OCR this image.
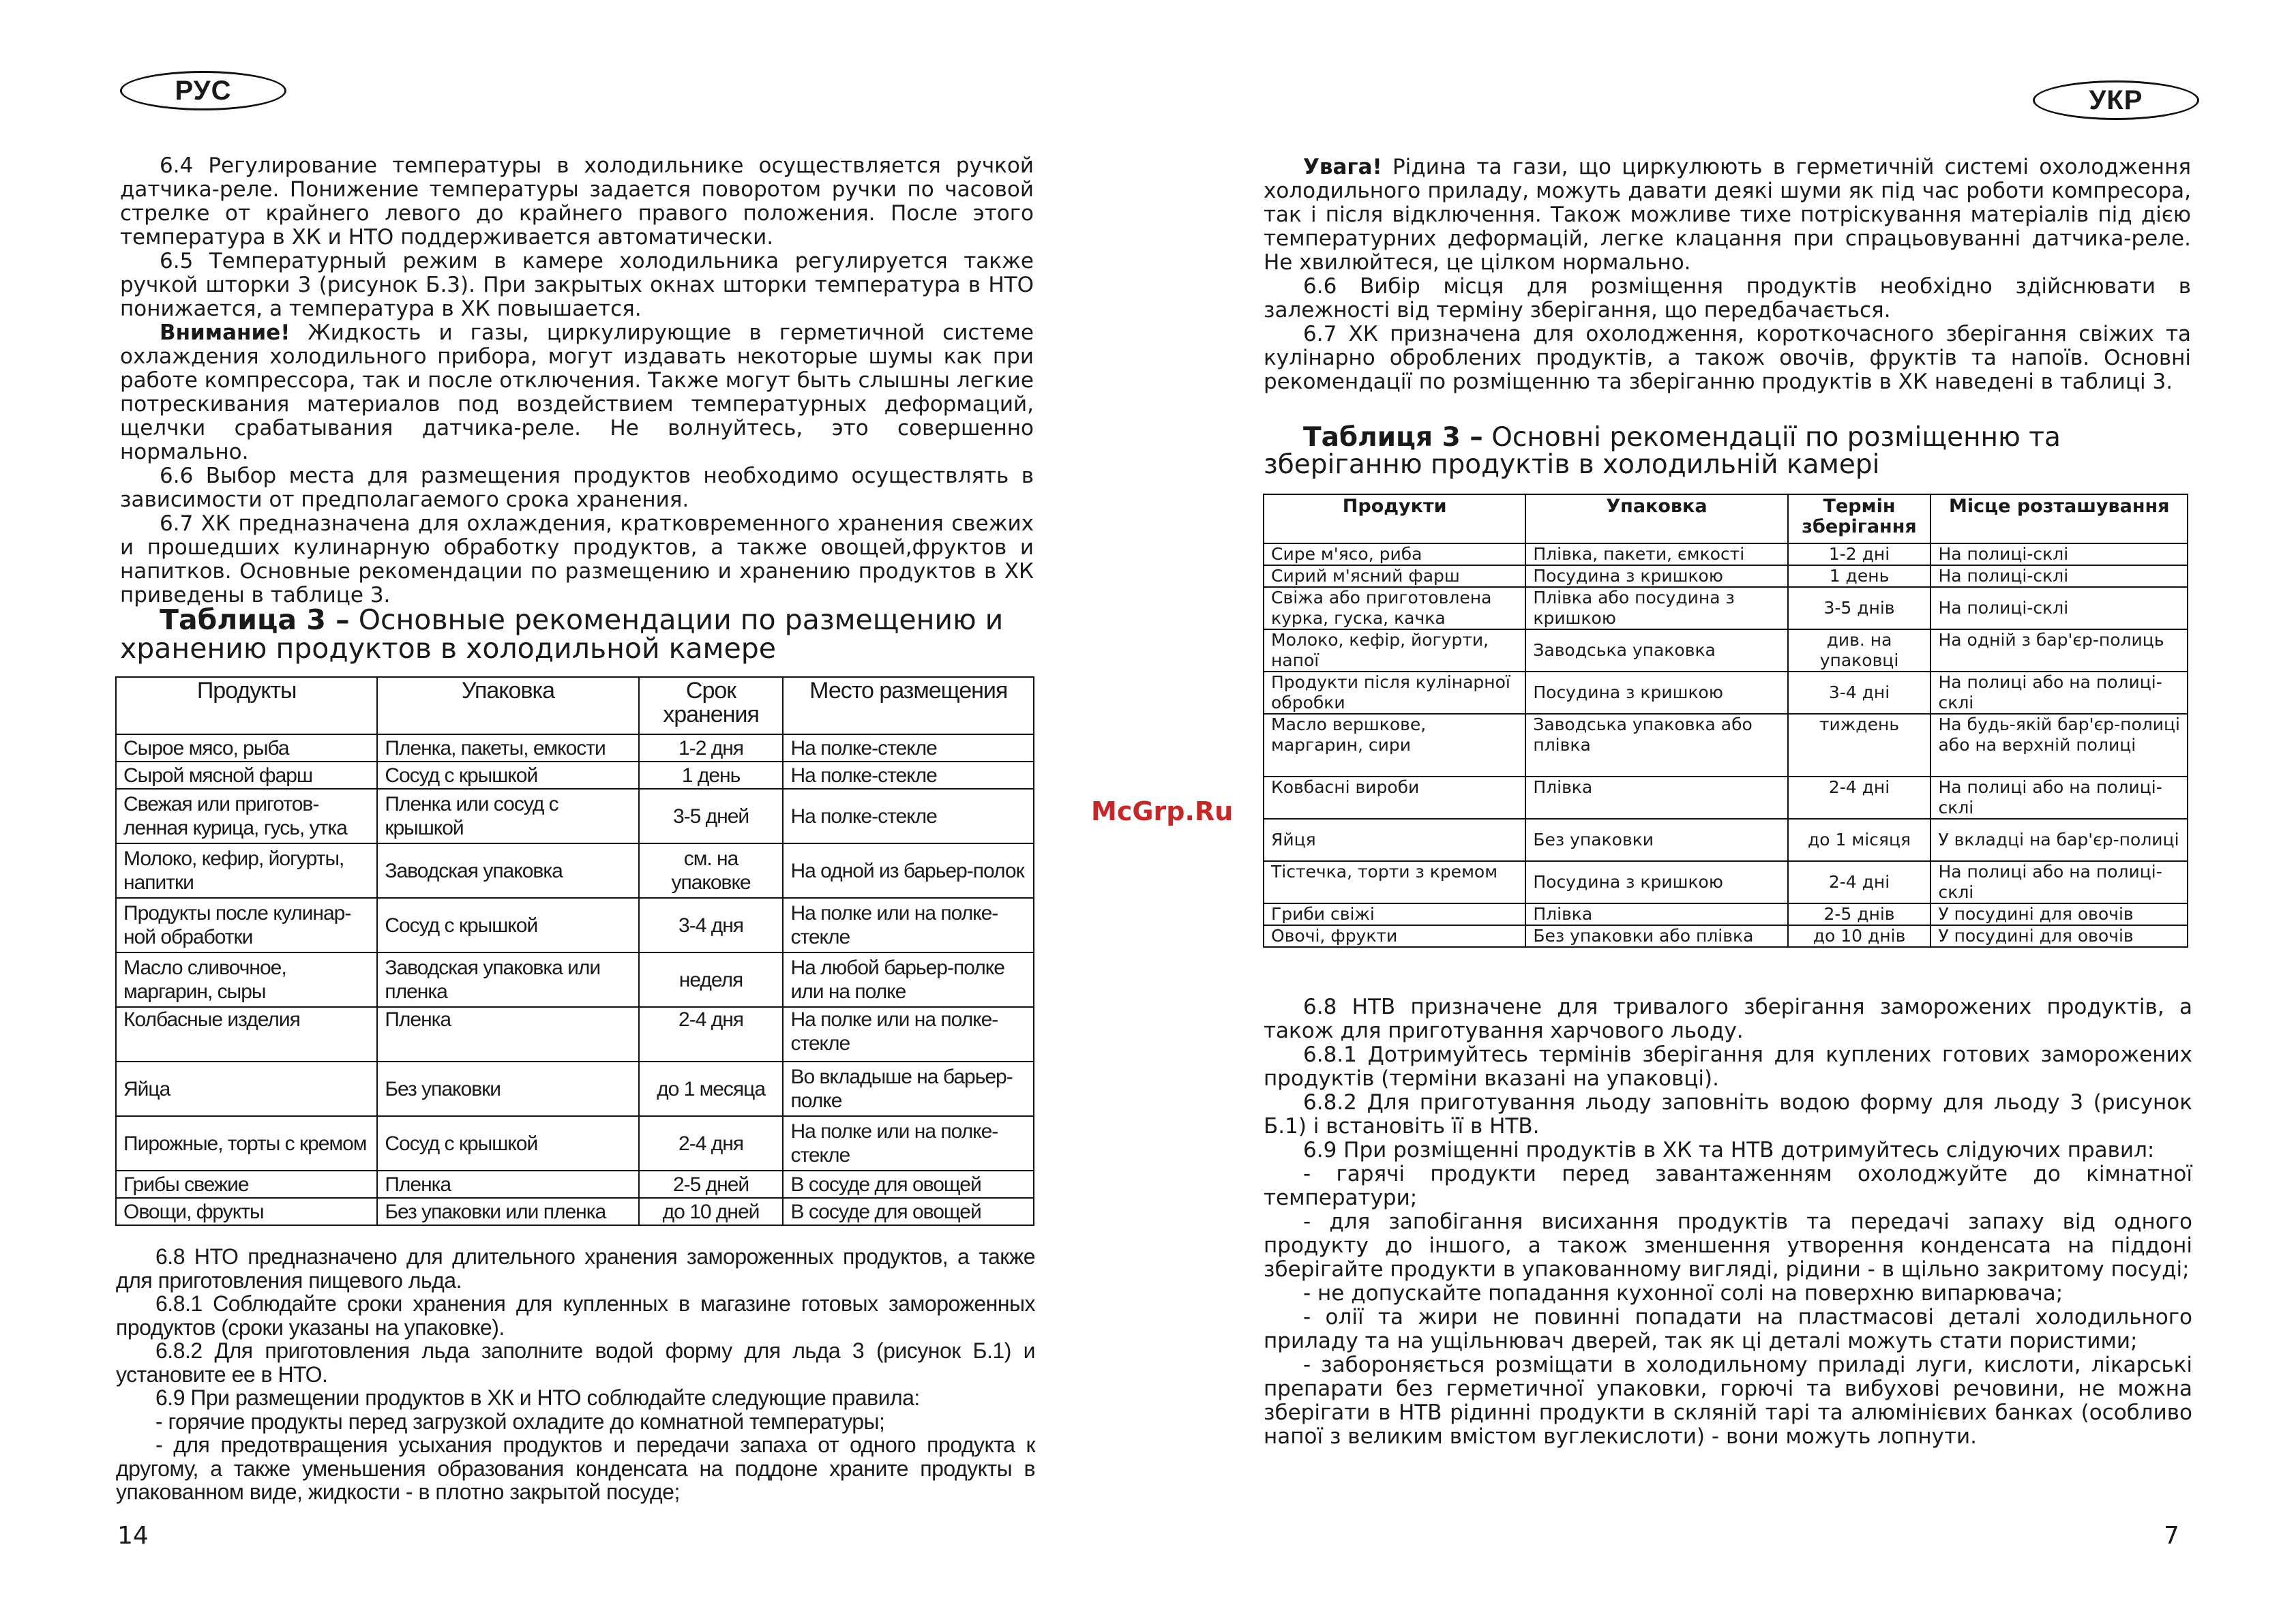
РУС

6.4 Регулирование температуры в холодильнике осуществляется ручкой датчика-реле. Понижение температуры задается поворотом ручки по часовой стрелке от крайнего левого до крайнего правого положения. После этого температура в ХК и НТО поддерживается автоматически.

6.5 Температурный режим в камере холодильника регулируется также ручкой шторки 3 (рисунок Б.3). При закрытых окнах шторки температура в НТО понижается, а температура в ХК повышается.

Внимание! Жидкость и газы, циркулирующие в герметичной системе охлаждения холодильного прибора, могут издавать некоторые шумы как при работе компрессора, так и после отключения. Также могут быть слышны легкие потрескивания материалов под воздействием температурных деформаций, щелчки срабатывания датчика-реле. Не волнуйтесь, это совершенно нормально.

6.6 Выбор места для размещения продуктов необходимо осуществлять в зависимости от предполагаемого срока хранения.

6.7 ХК предназначена для охлаждения, кратковременного хранения свежих и прошедших кулинарную обработку продуктов, а также овощей,фруктов и напитков. Основные рекомендации по размещению и хранению продуктов в ХК приведены в таблице 3.

Таблица 3 – Основные рекомендации по размещению и хранению продуктов в холодильной камере
Продукты	Упаковка	Срок хранения	Место размещения
Сырое мясо, рыба	Пленка, пакеты, емкости	1-2 дня	На полке-стекле
Сырой мясной фарш	Сосуд с крышкой	1 день	На полке-стекле
Свежая или приготов-ленная курица, гусь, утка	Пленка или сосуд с крышкой	3-5 дней	На полке-стекле
Молоко, кефир, йогурты, напитки	Заводская упаковка	см. на упаковке	На одной из барьер-полок
Продукты после кулинар-ной обработки	Сосуд с крышкой	3-4 дня	На полке или на полке-стекле
Масло сливочное, маргарин, сыры	Заводская упаковка или пленка	неделя	На любой барьер-полке или на полке
Колбасные изделия	Пленка	2-4 дня	На полке или на полке-стекле
Яйца	Без упаковки	до 1 месяца	Во вкладыше на барьер-полке
Пирожные, торты с кремом	Сосуд с крышкой	2-4 дня	На полке или на полке-стекле
Грибы свежие	Пленка	2-5 дней	В сосуде для овощей
Овощи, фрукты	Без упаковки или пленка	до 10 дней	В сосуде для овощей

6.8 НТО предназначено для длительного хранения замороженных продуктов, а также для приготовления пищевого льда.

6.8.1 Соблюдайте сроки хранения для купленных в магазине готовых замороженных продуктов (сроки указаны на упаковке).

6.8.2 Для приготовления льда заполните водой форму для льда 3 (рисунок Б.1) и установите ее в НТО.

6.9 При размещении продуктов в ХК и НТО соблюдайте следующие правила:

- горячие продукты перед загрузкой охладите до комнатной температуры;

- для предотвращения усыхания продуктов и передачи запаха от одного продукта к другому, а также уменьшения образования конденсата на поддоне храните продукты в упакованном виде, жидкости - в плотно закрытой посуде;

14
McGrp.Ru
УКР

Увага! Рідина та гази, що циркулюють в герметичній системі охолодження холодильного приладу, можуть давати деякі шуми як під час роботи компресора, так і після відключення. Також можливе тихе потріскування матеріалів під дією температурних деформацій, легке клацання при спрацьовуванні датчика-реле. Не хвилюйтеся, це цілком нормально.

6.6 Вибір місця для розміщення продуктів необхідно здійснювати в залежності від терміну зберігання, що передбачається.

6.7 ХК призначена для охолодження, короткочасного зберігання свіжих та кулінарно оброблених продуктів, а також овочів, фруктів та напоїв. Основні рекомендації по розміщенню та зберіганню продуктів в ХК наведені в таблиці 3.

Таблиця 3 – Основні рекомендації по розміщенню та зберіганню продуктів в холодильній камері
Продукти	Упаковка	Термін зберігання	Місце розташування
Сире м'ясо, риба	Плівка, пакети, ємкості	1-2 дні	На полиці-склі
Сирий м'ясний фарш	Посудина з кришкою	1 день	На полиці-склі
Свіжа або приготовлена курка, гуска, качка	Плівка або посудина з кришкою	3-5 днів	На полиці-склі
Молоко, кефір, йогурти, напої	Заводська упаковка	див. на упаковці	На одній з бар'єр-полиць
Продукти після кулінарної обробки	Посудина з кришкою	3-4 дні	На полиці або на полиці-склі
Масло вершкове, маргарин, сири	Заводська упаковка або плівка	тиждень	На будь-якій бар'єр-полиці або на верхній полиці
Ковбасні вироби	Плівка	2-4 дні	На полиці або на полиці-склі
Яйця	Без упаковки	до 1 місяця	У вкладці на бар'єр-полиці
Тістечка, торти з кремом	Посудина з кришкою	2-4 дні	На полиці або на полиці-склі
Гриби свіжі	Плівка	2-5 днів	У посудині для овочів
Овочі, фрукти	Без упаковки або плівка	до 10 днів	У посудині для овочів

6.8 НТВ призначене для тривалого зберігання заморожених продуктів, а також для приготування харчового льоду.

6.8.1 Дотримуйтесь термінів зберігання для куплених готових заморожених продуктів (терміни вказані на упаковці).

6.8.2 Для приготування льоду заповніть водою форму для льоду 3 (рисунок Б.1) і встановіть її в НТВ.

6.9 При розміщенні продуктів в ХК та НТВ дотримуйтесь слідуючих правил:

- гарячі продукти перед завантаженням охолоджуйте до кімнатної температури;

- для запобігання висихання продуктів та передачі запаху від одного продукту до іншого, а також зменшення утворення конденсата на піддоні зберігайте продукти в упакованному вигляді, рідини - в щільно закритому посуді;

- не допускайте попадання кухонної солі на поверхню випарювача;

- олії та жири не повинні попадати на пластмасові деталі холодильного приладу та на ущільнювач дверей, так як ці деталі можуть стати пористими;

- забороняється розміщати в холодильному приладі луги, кислоти, лікарські препарати без герметичної упаковки, горючі та вибухові речовини, не можна зберігати в НТВ рідинні продукти в скляній тарі та алюмінієвих банках (особливо напої з великим вмістом вуглекислоти) - вони можуть лопнути.

7
